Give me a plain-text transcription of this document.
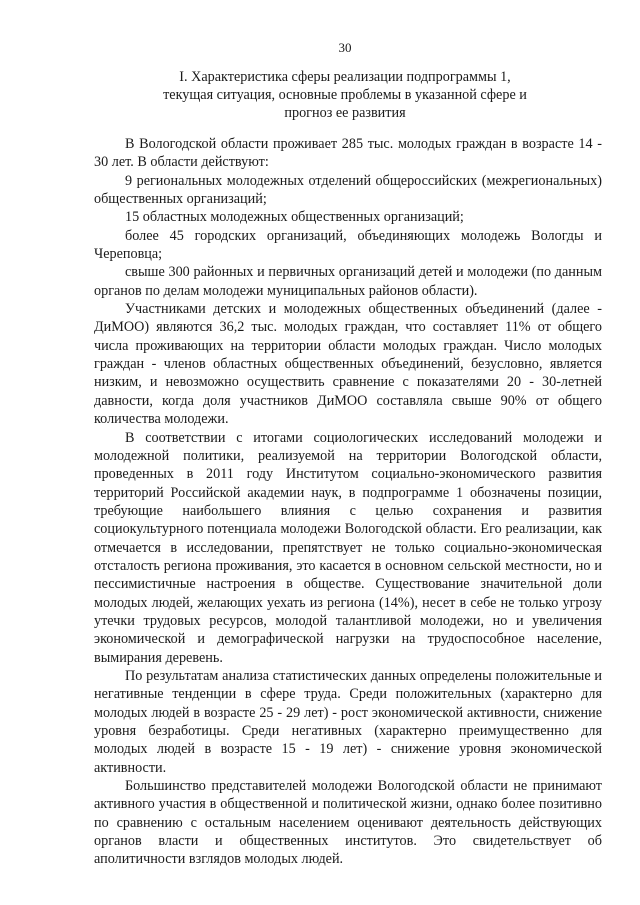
30
I. Характеристика сферы реализации подпрограммы 1, текущая ситуация, основные проблемы в указанной сфере и прогноз ее развития

В Вологодской области проживает 285 тыс. молодых граждан в возрасте 14 - 30 лет. В области действуют:

9 региональных молодежных отделений общероссийских (межрегиональных) общественных организаций;

15 областных молодежных общественных организаций;

более 45 городских организаций, объединяющих молодежь Вологды и Череповца;

свыше 300 районных и первичных организаций детей и молодежи (по данным органов по делам молодежи муниципальных районов области).

Участниками детских и молодежных общественных объединений (далее - ДиМОО) являются 36,2 тыс. молодых граждан, что составляет 11% от общего числа проживающих на территории области молодых граждан. Число молодых граждан - членов областных общественных объединений, безусловно, является низким, и невозможно осуществить сравнение с показателями 20 - 30-летней давности, когда доля участников ДиМОО составляла свыше 90% от общего количества молодежи.

В соответствии с итогами социологических исследований молодежи и молодежной политики, реализуемой на территории Вологодской области, проведенных в 2011 году Институтом социально-экономического развития территорий Российской академии наук, в подпрограмме 1 обозначены позиции, требующие наибольшего влияния с целью сохранения и развития социокультурного потенциала молодежи Вологодской области. Его реализации, как отмечается в исследовании, препятствует не только социально-экономическая отсталость региона проживания, это касается в основном сельской местности, но и пессимистичные настроения в обществе. Существование значительной доли молодых людей, желающих уехать из региона (14%), несет в себе не только угрозу утечки трудовых ресурсов, молодой талантливой молодежи, но и увеличения экономической и демографической нагрузки на трудоспособное население, вымирания деревень.

По результатам анализа статистических данных определены положительные и негативные тенденции в сфере труда. Среди положительных (характерно для молодых людей в возрасте 25 - 29 лет) - рост экономической активности, снижение уровня безработицы. Среди негативных (характерно преимущественно для молодых людей в возрасте 15 - 19 лет) - снижение уровня экономической активности.

Большинство представителей молодежи Вологодской области не принимают активного участия в общественной и политической жизни, однако более позитивно по сравнению с остальным населением оценивают деятельность действующих органов власти и общественных институтов. Это свидетельствует об аполитичности взглядов молодых людей.
